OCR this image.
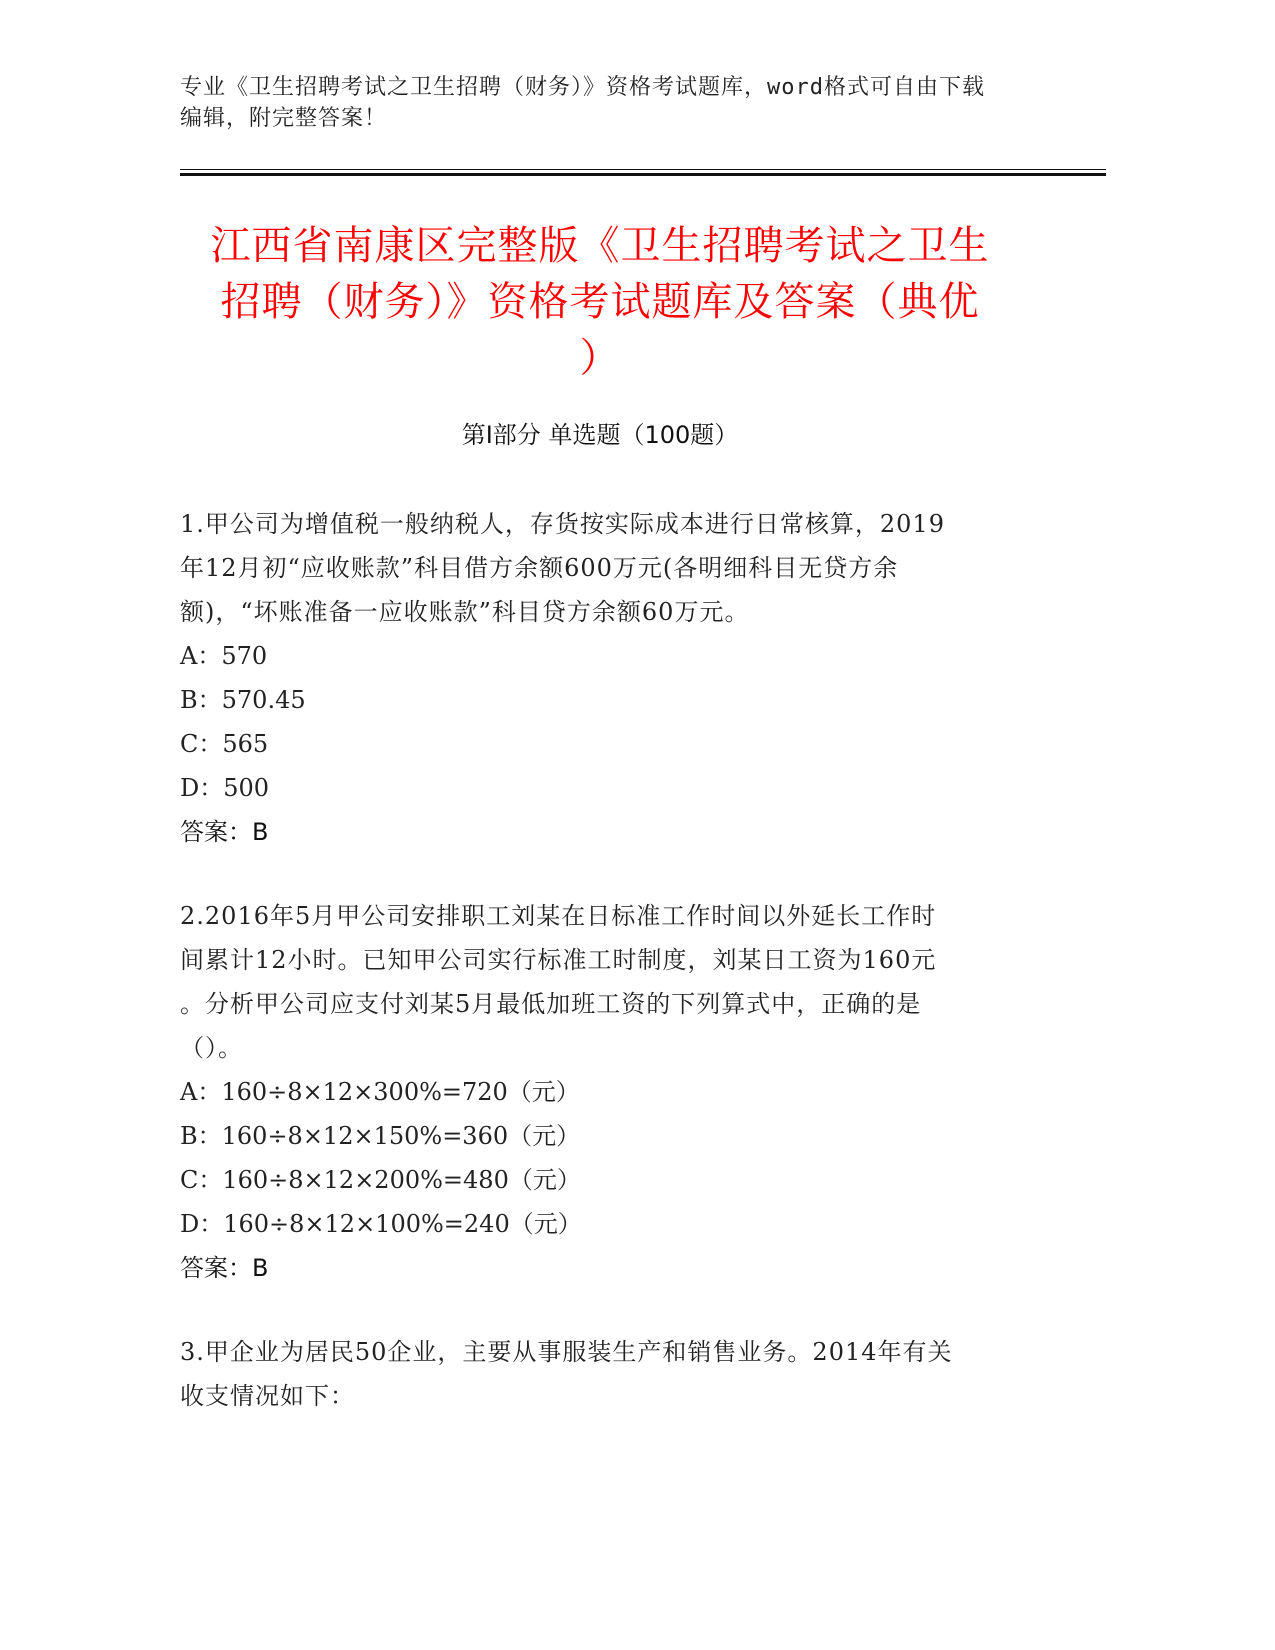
专业《卫生招聘考试之卫生招聘（财务）》资格考试题库，word格式可自由下载
编辑，附完整答案！
江西省南康区完整版《卫生招聘考试之卫生
招聘（财务）》资格考试题库及答案（典优
）
第Ⅰ部分 单选题（100题）
1.甲公司为增值税一般纳税人，存货按实际成本进行日常核算，2019
年12月初“应收账款”科目借方余额600万元(各明细科目无贷方余
额)，“坏账准备一应收账款”科目贷方余额60万元。
A：570
B：570.45
C：565
D：500
答案：B
2.2016年5月甲公司安排职工刘某在日标准工作时间以外延长工作时
间累计12小时。已知甲公司实行标准工时制度，刘某日工资为160元
。分析甲公司应支付刘某5月最低加班工资的下列算式中，正确的是
（）。
A：160÷8×12×300%=720（元）
B：160÷8×12×150%=360（元）
C：160÷8×12×200%=480（元）
D：160÷8×12×100%=240（元）
答案：B
3.甲企业为居民50企业，主要从事服装生产和销售业务。2014年有关
收支情况如下：
